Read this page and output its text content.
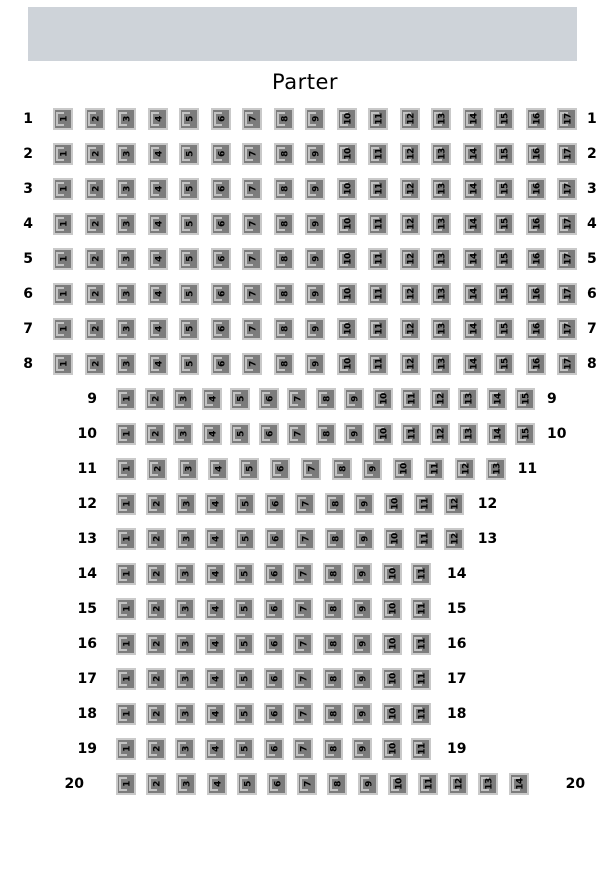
Parter
1	1	2	3	4	5	6	7	8	9	10	11	12	13	14	15	16	17 1
2	1	2	3	4	5	6	7	8	9	10	11	12	13	14	15	16	17 2
3	1	2	3	4	5	6	7	8	9	10	11	12	13	14	15	16	17 3
4	1	2	3	4	5	6	7	8	9	10	11	12	13	14	15	16	17 4
5	1	2	3	4	5	6	7	8	9	10	11	12	13	14	15	16	17 5
6	1	2	3	4	5	6	7	8	9	10	11	12	13	14	15	16	17 6
7	1	2	3	4	5	6	7	8	9	10	11	12	13	14	15	16	17 7
8	1	2	3	4	5	6	7	8	9	10	11	12	13	14	15	16	17 8
9	1	2	3	4	5	6	7	8	9	10	11	12	13	14	15	9
10	1	2	3	4	5	6	7	8	9	10	11	12	13	14	15	10
11	1	2	3	4	5	6	7	8	9	10	11	12	13	11
12	1	2	3	4	5	6	7	8	9	10	11	12	12
13	1	2	3	4	5	6	7	8	9	10	11	12	13
14	1	2	3	4	5	6	7	8	9	10	11	14
15	1	2	3	4	5	6	7	8	9	10	11	15
16	1	2	3	4	5	6	7	8	9	10	11	16
17	1	2	3	4	5	6	7	8	9	10	11	17
18	1	2	3	4	5	6	7	8	9	10	11	18
19	1	2	3	4	5	6	7	8	9	10	11	19
20	1	2	3	4	5	6	7	8	9	10	11	12	13	14	20
